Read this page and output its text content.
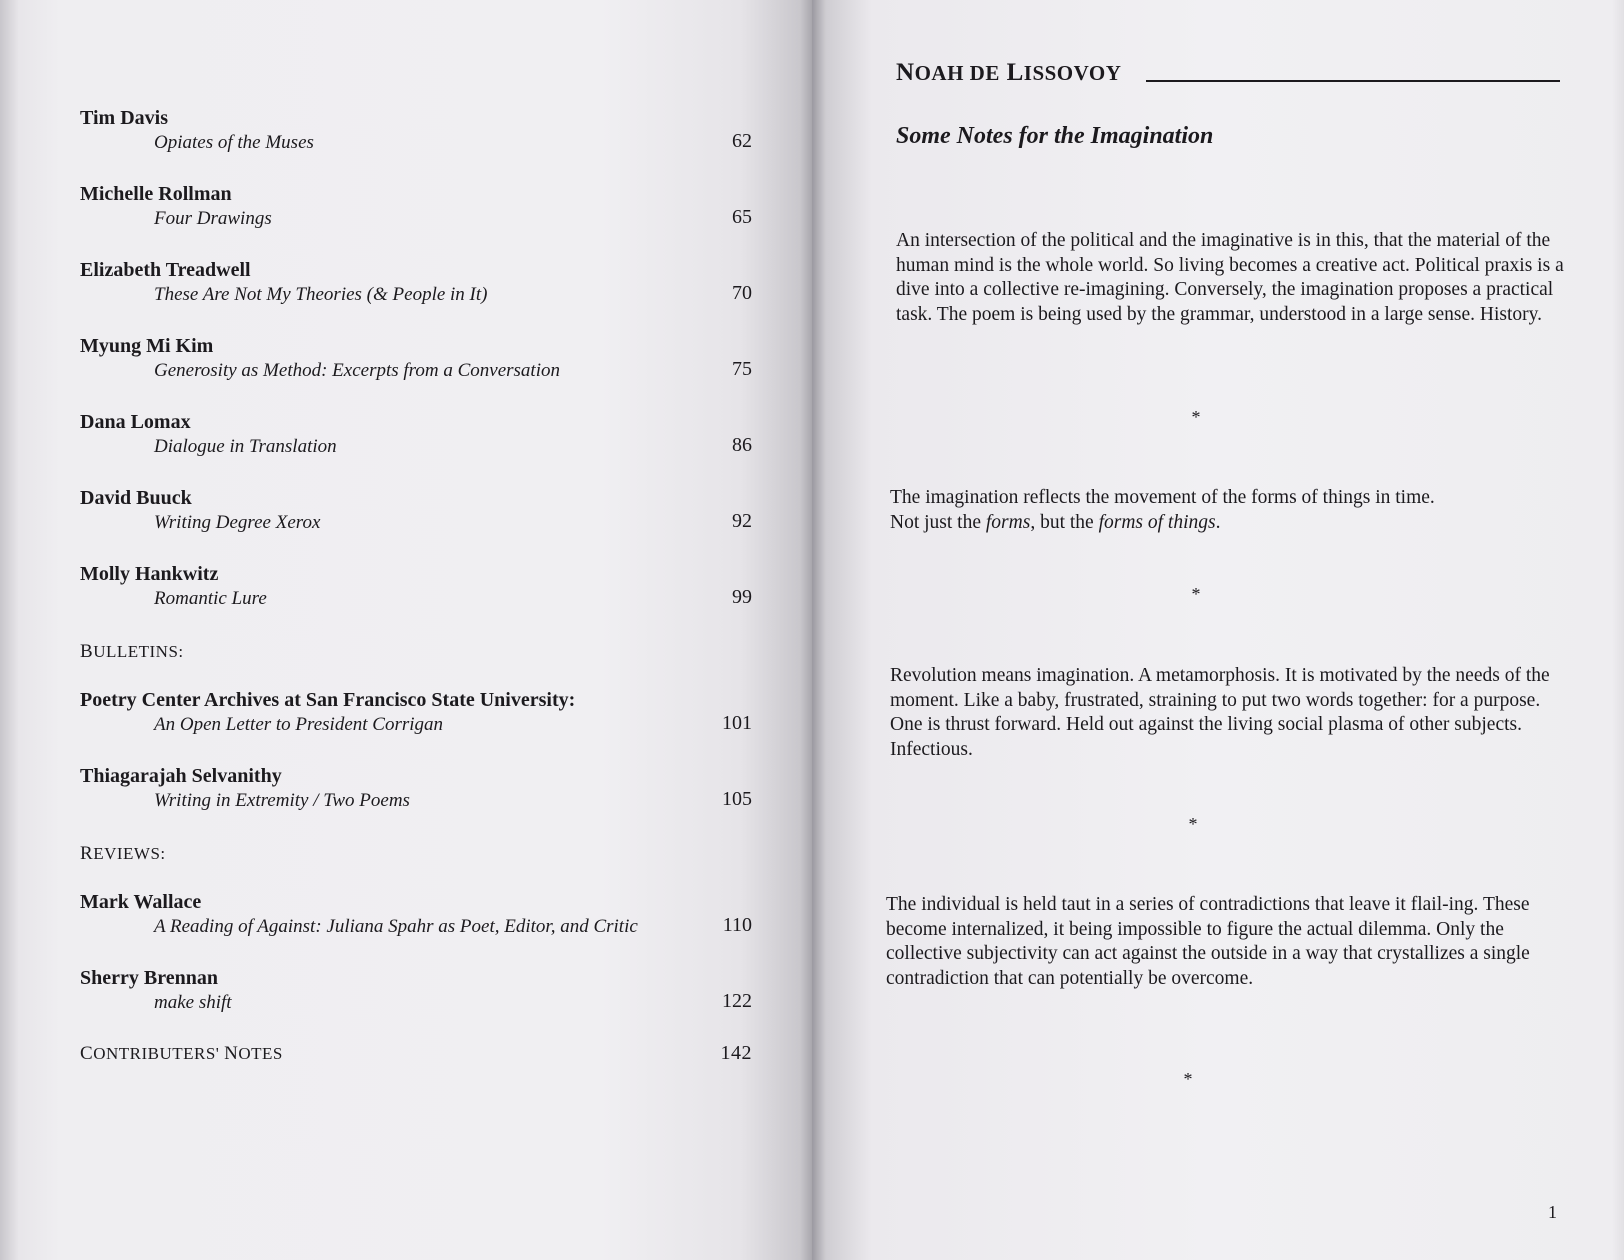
Tim Davis
Opiates of the Muses	62
Michelle Rollman
Four Drawings	65
Elizabeth Treadwell
These Are Not My Theories (& People in It)	70
Myung Mi Kim
Generosity as Method: Excerpts from a Conversation	75
Dana Lomax
Dialogue in Translation	86
David Buuck
Writing Degree Xerox	92
Molly Hankwitz
Romantic Lure	99
BULLETINS:
Poetry Center Archives at San Francisco State University:
An Open Letter to President Corrigan	101
Thiagarajah Selvanithy
Writing in Extremity / Two Poems	105
REVIEWS:
Mark Wallace
A Reading of Against: Juliana Spahr as Poet, Editor, and Critic	110
Sherry Brennan
make shift	122
CONTRIBUTERS' NOTES	142
NOAH DE LISSOVOY
Some Notes for the Imagination
An intersection of the political and the imaginative is in this, that the material of the human mind is the whole world. So living becomes a creative act. Political praxis is a dive into a collective re-imagining. Conversely, the imagination proposes a practical task. The poem is being used by the grammar, understood in a large sense. History.
*
The imagination reflects the movement of the forms of things in time.
Not just the forms, but the forms of things.
*
Revolution means imagination. A metamorphosis. It is motivated by the needs of the moment. Like a baby, frustrated, straining to put two words together: for a purpose. One is thrust forward. Held out against the living social plasma of other subjects. Infectious.
*
The individual is held taut in a series of contradictions that leave it flail-ing. These become internalized, it being impossible to figure the actual dilemma. Only the collective subjectivity can act against the outside in a way that crystallizes a single contradiction that can potentially be overcome.
*
1
